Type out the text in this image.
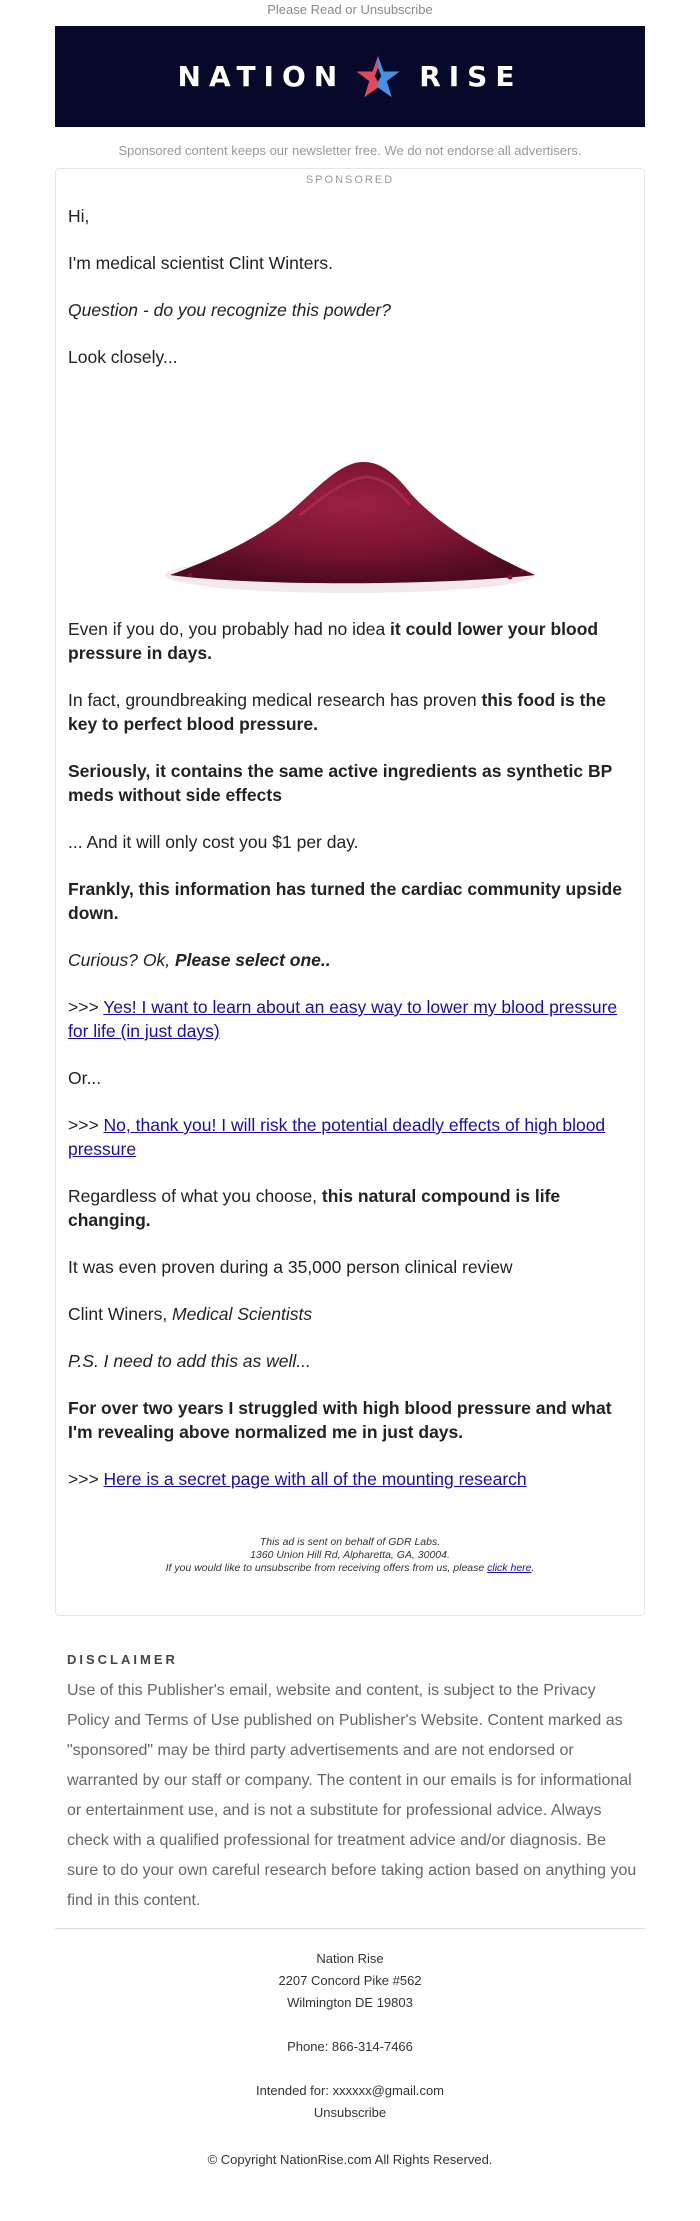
Please Read or Unsubscribe
NATION	RISE
Sponsored content keeps our newsletter free. We do not endorse all advertisers.
SPONSORED
Hi,
I'm medical scientist Clint Winters.
Question - do you recognize this powder?
Look closely...
Even if you do, you probably had no idea it could lower your blood pressure in days.
In fact, groundbreaking medical research has proven this food is the key to perfect blood pressure.
Seriously, it contains the same active ingredients as synthetic BP meds without side effects
... And it will only cost you $1 per day.
Frankly, this information has turned the cardiac community upside down.
Curious? Ok, Please select one..
>>> Yes! I want to learn about an easy way to lower my blood pressure for life (in just days)
Or...
>>> No, thank you! I will risk the potential deadly effects of high blood pressure
Regardless of what you choose, this natural compound is life changing.
It was even proven during a 35,000 person clinical review
Clint Winers, Medical Scientists
P.S. I need to add this as well...
For over two years I struggled with high blood pressure and what I'm revealing above normalized me in just days.
>>> Here is a secret page with all of the mounting research
This ad is sent on behalf of GDR Labs.
1360 Union Hill Rd, Alpharetta, GA, 30004.
If you would like to unsubscribe from receiving offers from us, please click here.
DISCLAIMER
Use of this Publisher's email, website and content, is subject to the Privacy Policy and Terms of Use published on Publisher's Website. Content marked as "sponsored" may be third party advertisements and are not endorsed or warranted by our staff or company. The content in our emails is for informational or entertainment use, and is not a substitute for professional advice. Always check with a qualified professional for treatment advice and/or diagnosis. Be sure to do your own careful research before taking action based on anything you find in this content.
Nation Rise
2207 Concord Pike #562
Wilmington DE 19803
Phone: 866-314-7466
Intended for: xxxxxx@gmail.com
Unsubscribe
© Copyright NationRise.com All Rights Reserved.
